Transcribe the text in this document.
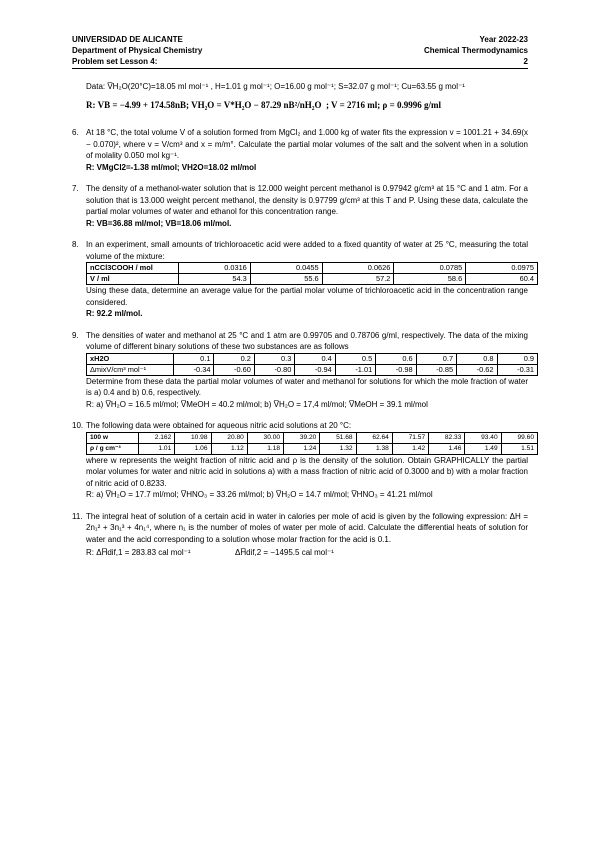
UNIVERSIDAD DE ALICANTE	Year 2022-23
Department of Physical Chemistry	Chemical Thermodynamics
Problem set Lesson 4:	2
Data: V̅H₂O(20°C)=18.05 ml mol⁻¹ , H=1.01 g mol⁻¹; O=16.00 g mol⁻¹; S=32.07 g mol⁻¹; Cu=63.55 g mol⁻¹
R: VB = −4.99 + 174.58nB; VH₂O = V*H₂O − 87.29 nB²/nH₂O ; V = 2716 ml; ρ = 0.9996 g/ml
6. At 18 °C, the total volume V of a solution formed from MgCl₂ and 1.000 kg of water fits the expression v = 1001.21 + 34.69(x − 0.070)², where v = V/cm³ and x = m/m°. Calculate the partial molar volumes of the salt and the solvent when in a solution of molality 0.050 mol kg⁻¹.
R: VMgCl2=-1.38 ml/mol; VH2O=18.02 ml/mol
7. The density of a methanol-water solution that is 12.000 weight percent methanol is 0.97942 g/cm³ at 15 °C and 1 atm. For a solution that is 13.000 weight percent methanol, the density is 0.97799 g/cm³ at this T and P. Using these data, calculate the partial molar volumes of water and ethanol for this concentration range.
R: VB=36.88 ml/mol; VB=18.06 ml/mol.
8. In an experiment, small amounts of trichloroacetic acid were added to a fixed quantity of water at 25 °C, measuring the total volume of the mixture:
nCCl3COOH / mol	0.0316	0.0455	0.0626	0.0785	0.0975
V / ml	54.3	55.6	57.2	58.6	60.4
Using these data, determine an average value for the partial molar volume of trichloroacetic acid in the concentration range considered.
R: 92.2 ml/mol.
9. The densities of water and methanol at 25 °C and 1 atm are 0.99705 and 0.78706 g/ml, respectively. The data of the mixing volume of different binary solutions of these two substances are as follows
xH2O	0.1	0.2	0.3	0.4	0.5	0.6	0.7	0.8	0.9
ΔmixV/cm³ mol⁻¹	-0.34	-0.60	-0.80	-0.94	-1.01	-0.98	-0.85	-0.62	-0.31
Determine from these data the partial molar volumes of water and methanol for solutions for which the mole fraction of water is a) 0.4 and b) 0.6, respectively.
R: a) V̅H₂O = 16.5 ml/mol; V̅MeOH = 40.2 ml/mol; b) V̅H₂O = 17,4 ml/mol; V̅MeOH = 39.1 ml/mol
10. The following data were obtained for aqueous nitric acid solutions at 20 °C:
100 w	2.162	10.98	20.80	30.00	39.20	51.68	62.64	71.57	82.33	93.40	99.60
ρ / g cm⁻³	1.01	1.06	1.12	1.18	1.24	1.32	1.38	1.42	1.46	1.49	1.51
where w represents the weight fraction of nitric acid and ρ is the density of the solution. Obtain GRAPHICALLY the partial molar volumes for water and nitric acid in solutions a) with a mass fraction of nitric acid of 0.3000 and b) with a molar fraction of nitric acid of 0.8233.
R: a) V̅H₂O = 17.7 ml/mol; V̅HNO₃ = 33.26 ml/mol; b) V̅H₂O = 14.7 ml/mol; V̅HNO₃ = 41.21 ml/mol
11. The integral heat of solution of a certain acid in water in calories per mole of acid is given by the following expression: ΔH = 2n₁² + 3n₁³ + 4n₁⁴, where n₁ is the number of moles of water per mole of acid. Calculate the differential heats of solution for water and the acid corresponding to a solution whose molar fraction for the acid is 0.1.
R: ΔH̅dif,1 = 283.83 cal mol⁻¹	ΔH̅dif,2 = −1495.5 cal mol⁻¹
